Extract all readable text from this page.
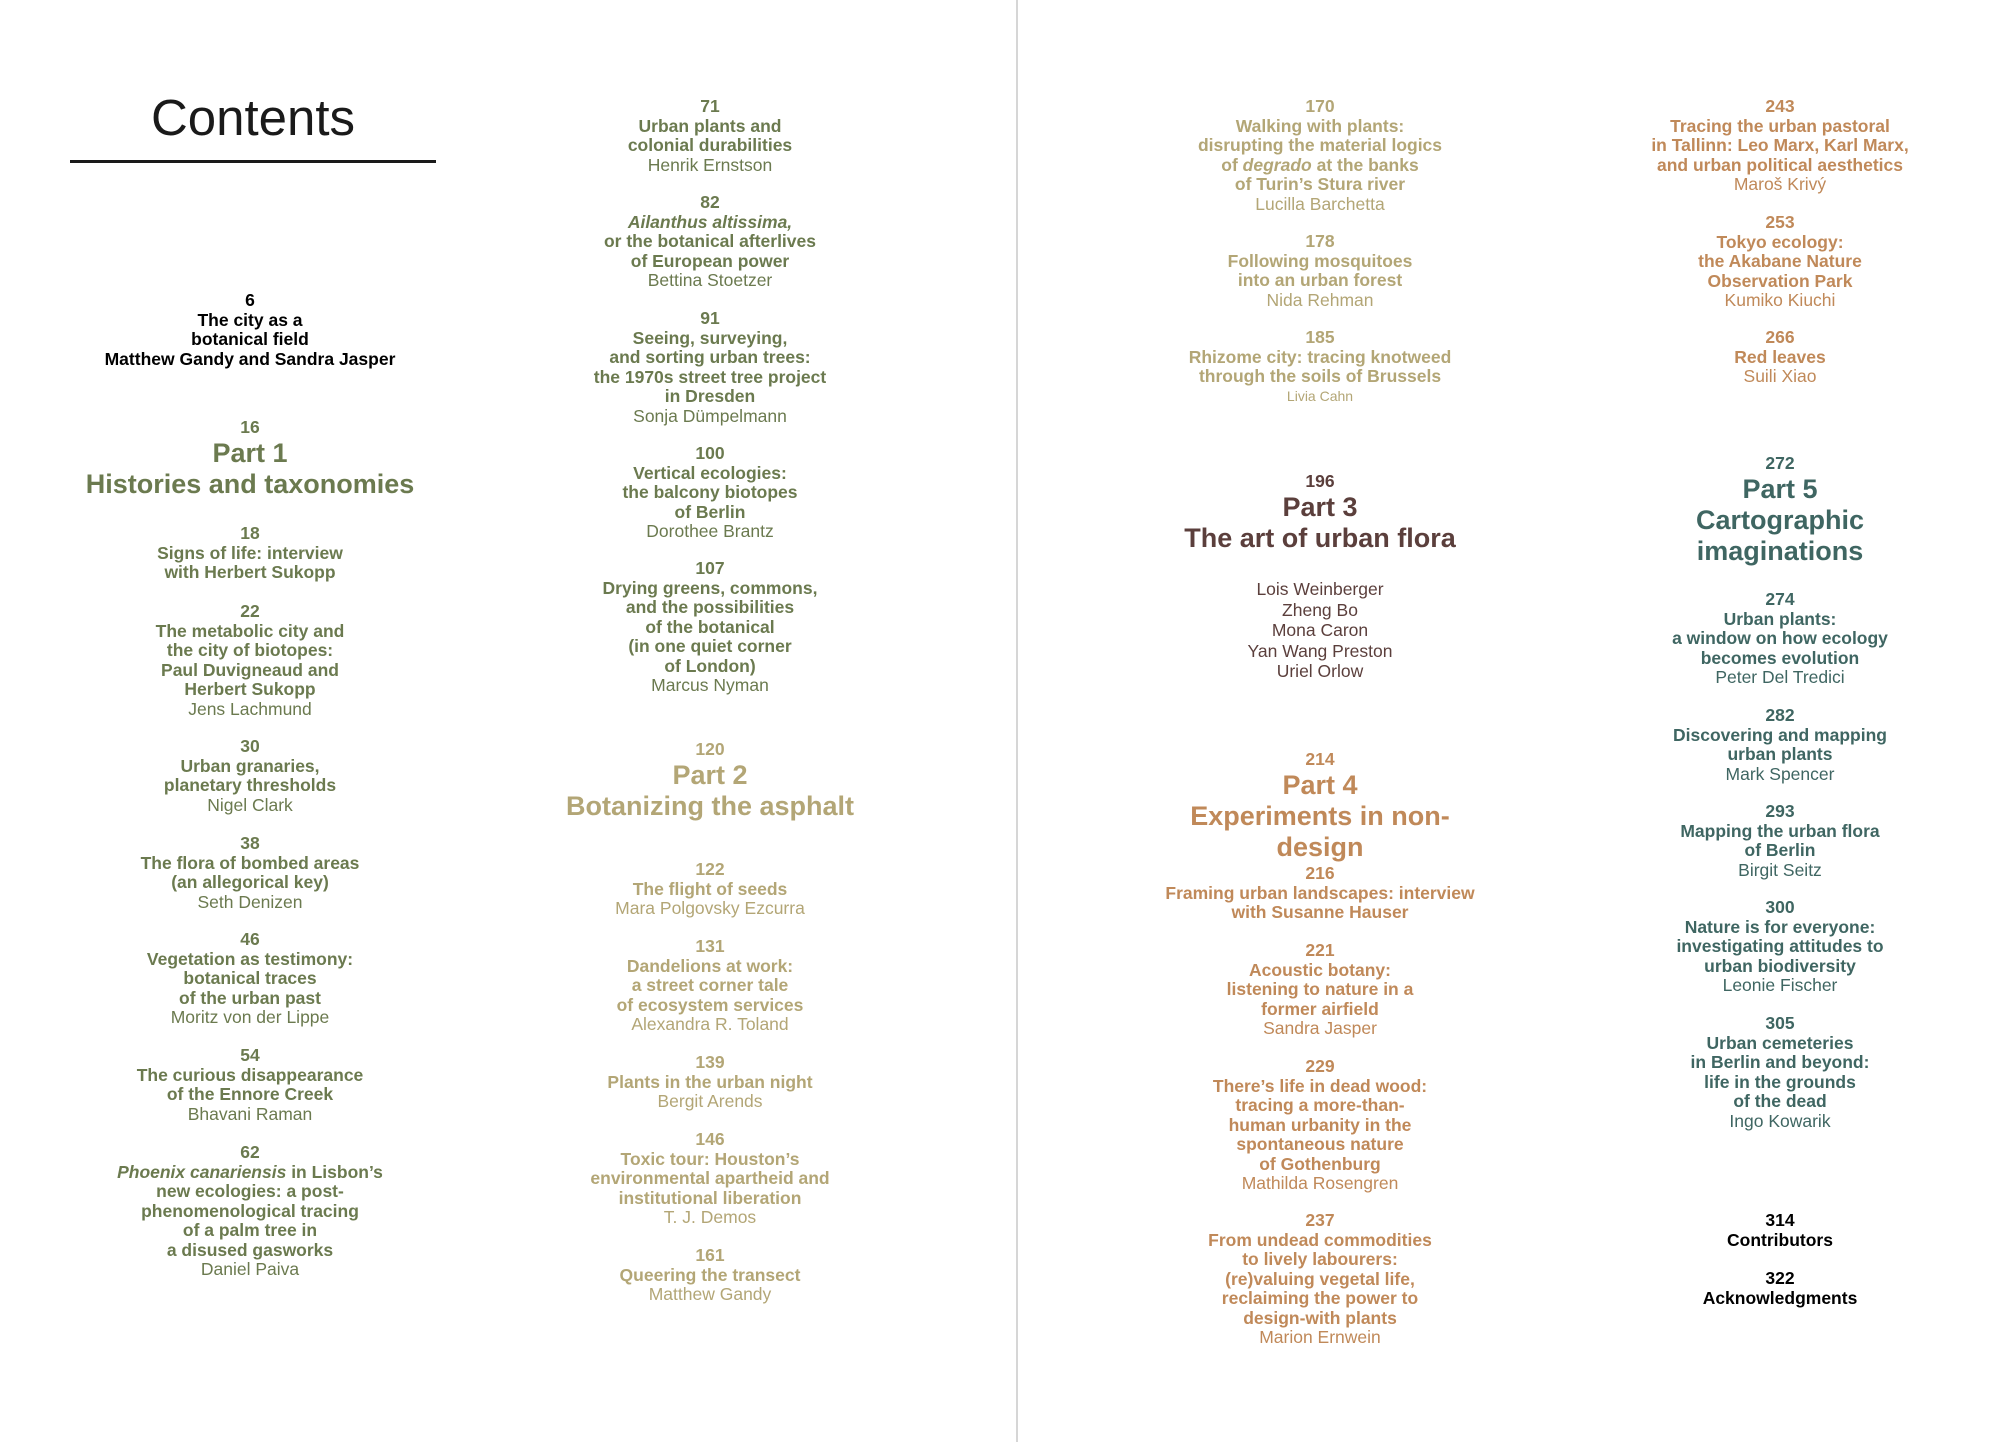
Contents
6
The city as a
botanical field
Matthew Gandy and Sandra Jasper
16
Part 1
Histories and taxonomies
18
Signs of life: interview
with Herbert Sukopp
22
The metabolic city and
the city of biotopes:
Paul Duvigneaud and
Herbert Sukopp
Jens Lachmund
30
Urban granaries,
planetary thresholds
Nigel Clark
38
The flora of bombed areas
(an allegorical key)
Seth Denizen
46
Vegetation as testimony:
botanical traces
of the urban past
Moritz von der Lippe
54
The curious disappearance
of the Ennore Creek
Bhavani Raman
62
Phoenix canariensis in Lisbon’s
new ecologies: a post-
phenomenological tracing
of a palm tree in
a disused gasworks
Daniel Paiva
71
Urban plants and
colonial durabilities
Henrik Ernstson
82
Ailanthus altissima,
or the botanical afterlives
of European power
Bettina Stoetzer
91
Seeing, surveying,
and sorting urban trees:
the 1970s street tree project
in Dresden
Sonja Dümpelmann
100
Vertical ecologies:
the balcony biotopes
of Berlin
Dorothee Brantz
107
Drying greens, commons,
and the possibilities
of the botanical
(in one quiet corner
of London)
Marcus Nyman
120
Part 2
Botanizing the asphalt
122
The flight of seeds
Mara Polgovsky Ezcurra
131
Dandelions at work:
a street corner tale
of ecosystem services
Alexandra R. Toland
139
Plants in the urban night
Bergit Arends
146
Toxic tour: Houston’s
environmental apartheid and
institutional liberation
T. J. Demos
161
Queering the transect
Matthew Gandy
170
Walking with plants:
disrupting the material logics
of degrado at the banks
of Turin’s Stura river
Lucilla Barchetta
178
Following mosquitoes
into an urban forest
Nida Rehman
185
Rhizome city: tracing knotweed
through the soils of Brussels
Livia Cahn
196
Part 3
The art of urban flora
Lois Weinberger
Zheng Bo
Mona Caron
Yan Wang Preston
Uriel Orlow
214
Part 4
Experiments in non-design
216
Framing urban landscapes: interview
with Susanne Hauser
221
Acoustic botany:
listening to nature in a
former airfield
Sandra Jasper
229
There’s life in dead wood:
tracing a more-than-
human urbanity in the
spontaneous nature
of Gothenburg
Mathilda Rosengren
237
From undead commodities
to lively labourers:
(re)valuing vegetal life,
reclaiming the power to
design-with plants
Marion Ernwein
243
Tracing the urban pastoral
in Tallinn: Leo Marx, Karl Marx,
and urban political aesthetics
Maroš Krivý
253
Tokyo ecology:
the Akabane Nature
Observation Park
Kumiko Kiuchi
266
Red leaves
Suili Xiao
272
Part 5
Cartographic imaginations
274
Urban plants:
a window on how ecology
becomes evolution
Peter Del Tredici
282
Discovering and mapping
urban plants
Mark Spencer
293
Mapping the urban flora
of Berlin
Birgit Seitz
300
Nature is for everyone:
investigating attitudes to
urban biodiversity
Leonie Fischer
305
Urban cemeteries
in Berlin and beyond:
life in the grounds
of the dead
Ingo Kowarik
314
Contributors
322
Acknowledgments
